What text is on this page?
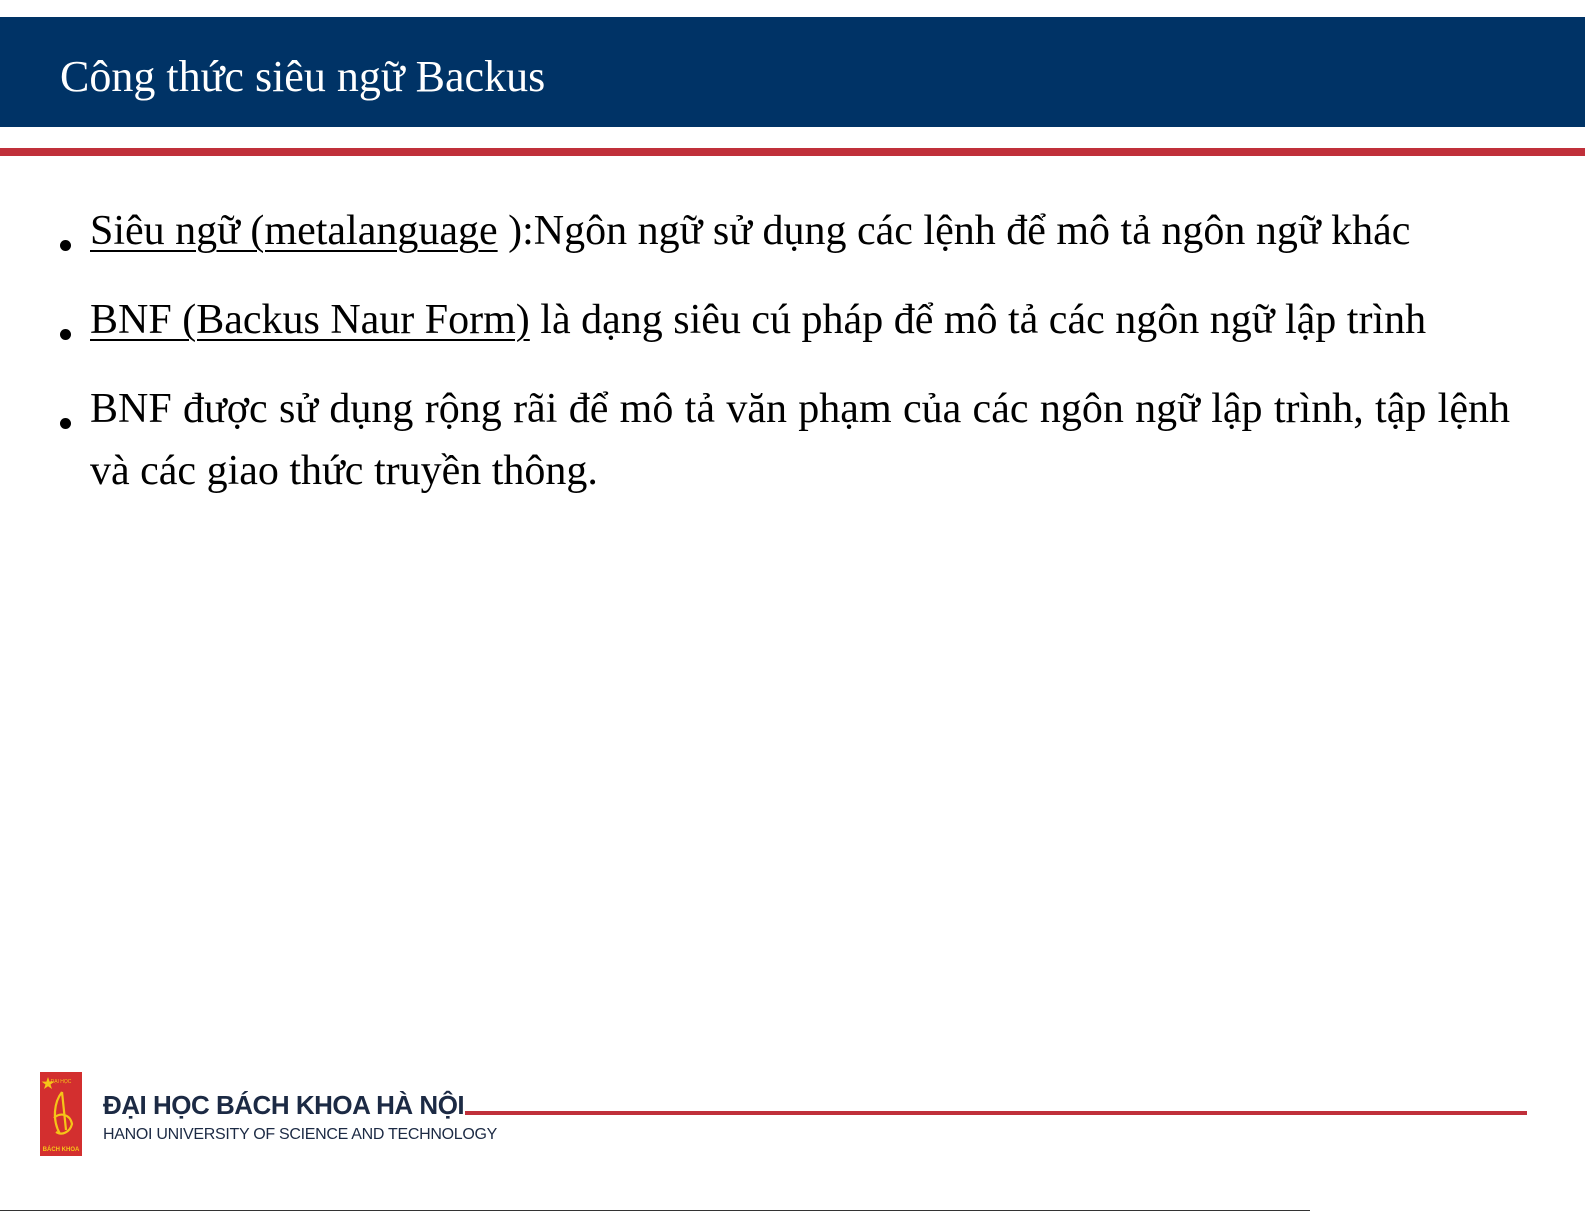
Công thức siêu ngữ Backus
Siêu ngữ (metalanguage ):Ngôn ngữ sử dụng các lệnh để mô tả ngôn ngữ khác
BNF (Backus Naur Form) là dạng siêu cú pháp để mô tả các ngôn ngữ lập trình
BNF được sử dụng rộng rãi để mô tả văn phạm của các ngôn ngữ lập trình, tập lệnh và các giao thức truyền thông.
ĐẠI HỌC
BÁCH KHOA
ĐẠI HỌC BÁCH KHOA HÀ NỘI
HANOI UNIVERSITY OF SCIENCE AND TECHNOLOGY
